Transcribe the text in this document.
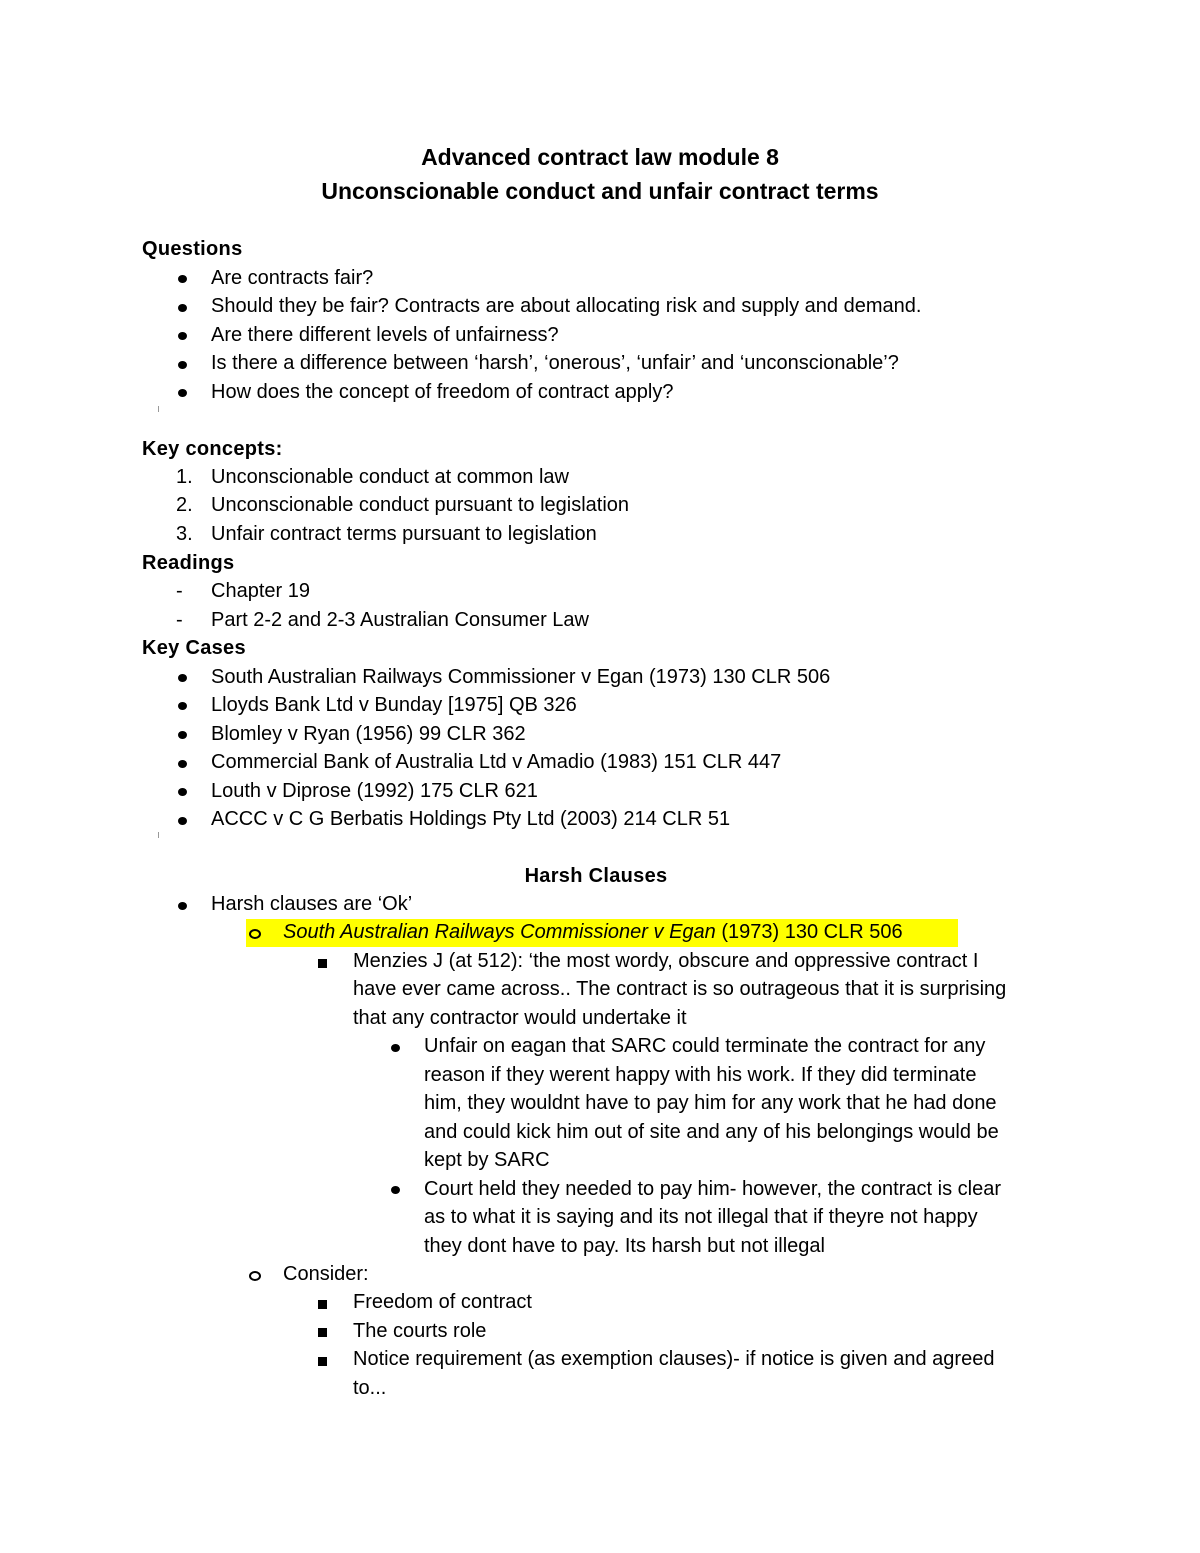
Advanced contract law module 8
Unconscionable conduct and unfair contract terms
Questions
Are contracts fair?
Should they be fair? Contracts are about allocating risk and supply and demand.
Are there different levels of unfairness?
Is there a difference between ‘harsh’, ‘onerous’, ‘unfair’ and ‘unconscionable’?
How does the concept of freedom of contract apply?
Key concepts:
1. Unconscionable conduct at common law
2. Unconscionable conduct pursuant to legislation
3. Unfair contract terms pursuant to legislation
Readings
- Chapter 19
- Part 2-2 and 2-3 Australian Consumer Law
Key Cases
South Australian Railways Commissioner v Egan (1973) 130 CLR 506
Lloyds Bank Ltd v Bunday [1975] QB 326
Blomley v Ryan (1956) 99 CLR 362
Commercial Bank of Australia Ltd v Amadio (1983) 151 CLR 447
Louth v Diprose (1992) 175 CLR 621
ACCC v C G Berbatis Holdings Pty Ltd (2003) 214 CLR 51
Harsh Clauses
Harsh clauses are ‘Ok’
South Australian Railways Commissioner v Egan (1973) 130 CLR 506
Menzies J (at 512): ‘the most wordy, obscure and oppressive contract I
have ever came across.. The contract is so outrageous that it is surprising
that any contractor would undertake it
Unfair on eagan that SARC could terminate the contract for any
reason if they werent happy with his work. If they did terminate
him, they wouldnt have to pay him for any work that he had done
and could kick him out of site and any of his belongings would be
kept by SARC
Court held they needed to pay him- however, the contract is clear
as to what it is saying and its not illegal that if theyre not happy
they dont have to pay. Its harsh but not illegal
Consider:
Freedom of contract
The courts role
Notice requirement (as exemption clauses)- if notice is given and agreed
to...
